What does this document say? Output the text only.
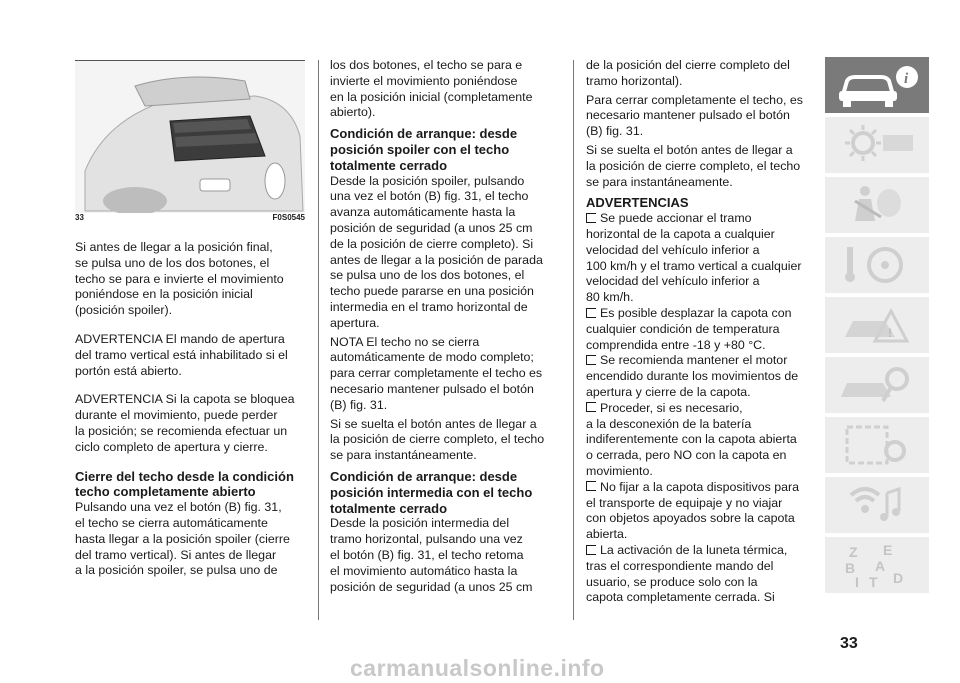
33	F0S0545

Si antes de llegar a la posición final,
se pulsa uno de los dos botones, el
techo se para e invierte el movimiento
poniéndose en la posición inicial
(posición spoiler).

ADVERTENCIA El mando de apertura
del tramo vertical está inhabilitado si el
portón está abierto.

ADVERTENCIA Si la capota se bloquea
durante el movimiento, puede perder
la posición; se recomienda efectuar un
ciclo completo de apertura y cierre.

Cierre del techo desde la condición
techo completamente abierto

Pulsando una vez el botón (B) fig. 31,
el techo se cierra automáticamente
hasta llegar a la posición spoiler (cierre
del tramo vertical). Si antes de llegar
a la posición spoiler, se pulsa uno de

los dos botones, el techo se para e
invierte el movimiento poniéndose
en la posición inicial (completamente
abierto).

Condición de arranque: desde
posición spoiler con el techo
totalmente cerrado

Desde la posición spoiler, pulsando
una vez el botón (B) fig. 31, el techo
avanza automáticamente hasta la
posición de seguridad (a unos 25 cm
de la posición de cierre completo). Si
antes de llegar a la posición de parada
se pulsa uno de los dos botones, el
techo puede pararse en una posición
intermedia en el tramo horizontal de
apertura.

NOTA El techo no se cierra
automáticamente de modo completo;
para cerrar completamente el techo es
necesario mantener pulsado el botón
(B) fig. 31.

Si se suelta el botón antes de llegar a
la posición de cierre completo, el techo
se para instantáneamente.

Condición de arranque: desde
posición intermedia con el techo
totalmente cerrado

Desde la posición intermedia del
tramo horizontal, pulsando una vez
el botón (B) fig. 31, el techo retoma
el movimiento automático hasta la
posición de seguridad (a unos 25 cm

de la posición del cierre completo del
tramo horizontal).

Para cerrar completamente el techo, es
necesario mantener pulsado el botón
(B) fig. 31.

Si se suelta el botón antes de llegar a
la posición de cierre completo, el techo
se para instantáneamente.

ADVERTENCIAS

Se puede accionar el tramo
horizontal de la capota a cualquier
velocidad del vehículo inferior a
100 km/h y el tramo vertical a cualquier
velocidad del vehículo inferior a
80 km/h.

Es posible desplazar la capota con
cualquier condición de temperatura
comprendida entre -18 y +80 °C.

Se recomienda mantener el motor
encendido durante los movimientos de
apertura y cierre de la capota.

Proceder, si es necesario,
a la desconexión de la batería
indiferentemente con la capota abierta
o cerrada, pero NO con la capota en
movimiento.

No fijar a la capota dispositivos para
el transporte de equipaje y no viajar
con objetos apoyados sobre la capota
abierta.

La activación de la luneta térmica,
tras el correspondiente mando del
usuario, se produce solo con la
capota completamente cerrada. Si

i
!
Z E
B A
I T D
33
carmanualsonline.info
